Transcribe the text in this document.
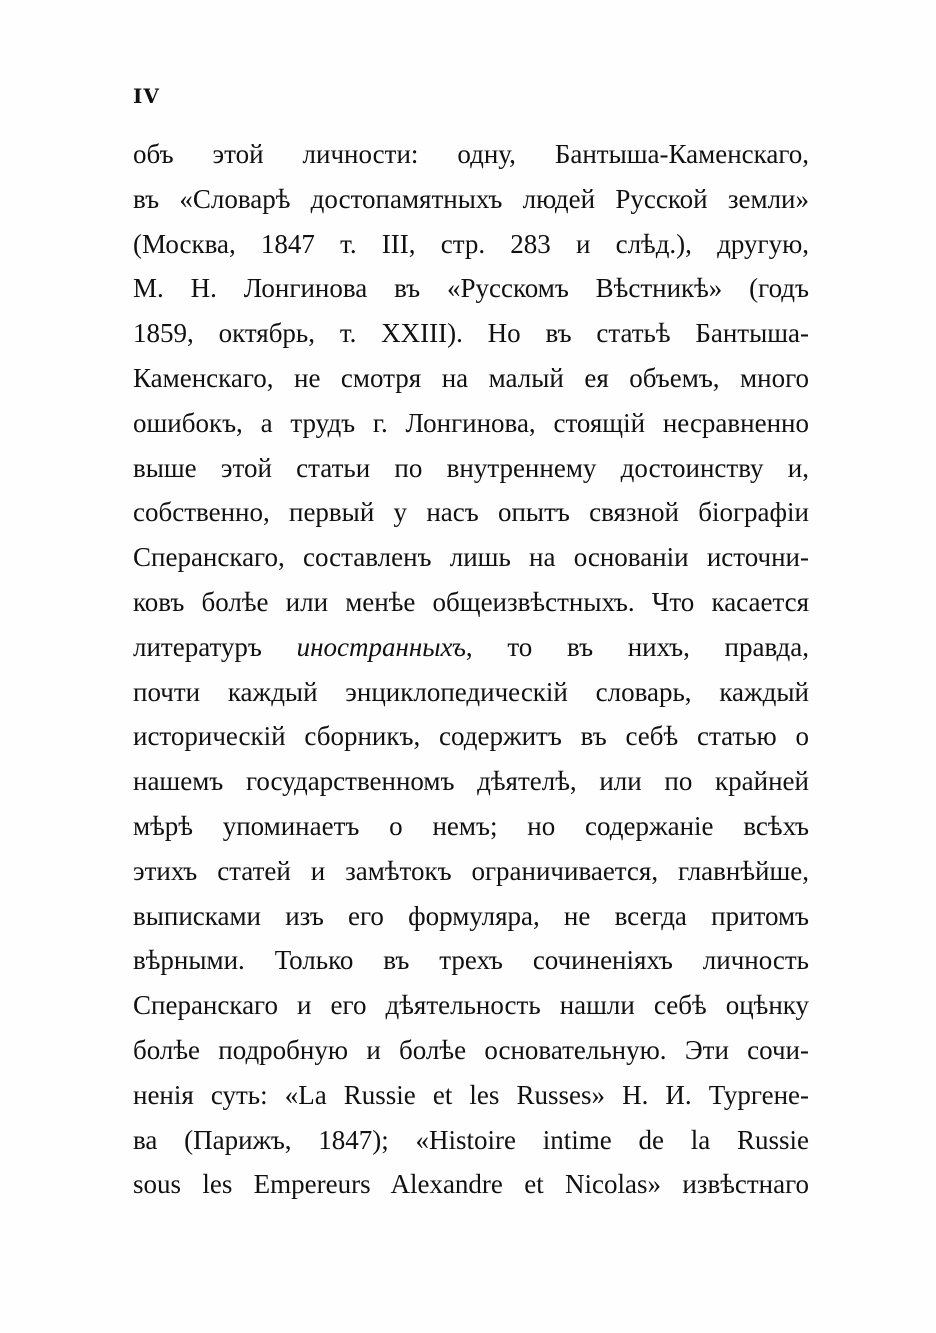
IV
объ этой личности: одну, Бантыша-Каменскаго,
въ «Словарѣ достопамятныхъ людей Русской земли»
(Москва, 1847 т. III, стр. 283 и слѣд.), другую,
М. Н. Лонгинова въ «Русскомъ Вѣстникѣ» (годъ
1859, октябрь, т. XXIII). Но въ статьѣ Бантыша-
Каменскаго, не смотря на малый ея объемъ, много
ошибокъ, а трудъ г. Лонгинова, стоящій несравненно
выше этой статьи по внутреннему достоинству и,
собственно, первый у насъ опытъ связной біографіи
Сперанскаго, составленъ лишь на основаніи источни-
ковъ болѣе или менѣе общеизвѣстныхъ. Что касается
литературъ иностранныхъ, то въ нихъ, правда,
почти каждый энциклопедическій словарь, каждый
историческій сборникъ, содержитъ въ себѣ статью о
нашемъ государственномъ дѣятелѣ, или по крайней
мѣрѣ упоминаетъ о немъ; но содержаніе всѣхъ
этихъ статей и замѣтокъ ограничивается, главнѣйше,
выписками изъ его формуляра, не всегда притомъ
вѣрными. Только въ трехъ сочиненіяхъ личность
Сперанскаго и его дѣятельность нашли себѣ оцѣнку
болѣе подробную и болѣе основательную. Эти сочи-
ненія суть: «La Russie et les Russes» Н. И. Тургене-
ва (Парижъ, 1847); «Histoire intime de la Russie
sous les Empereurs Alexandre et Nicolas» извѣстнаго
